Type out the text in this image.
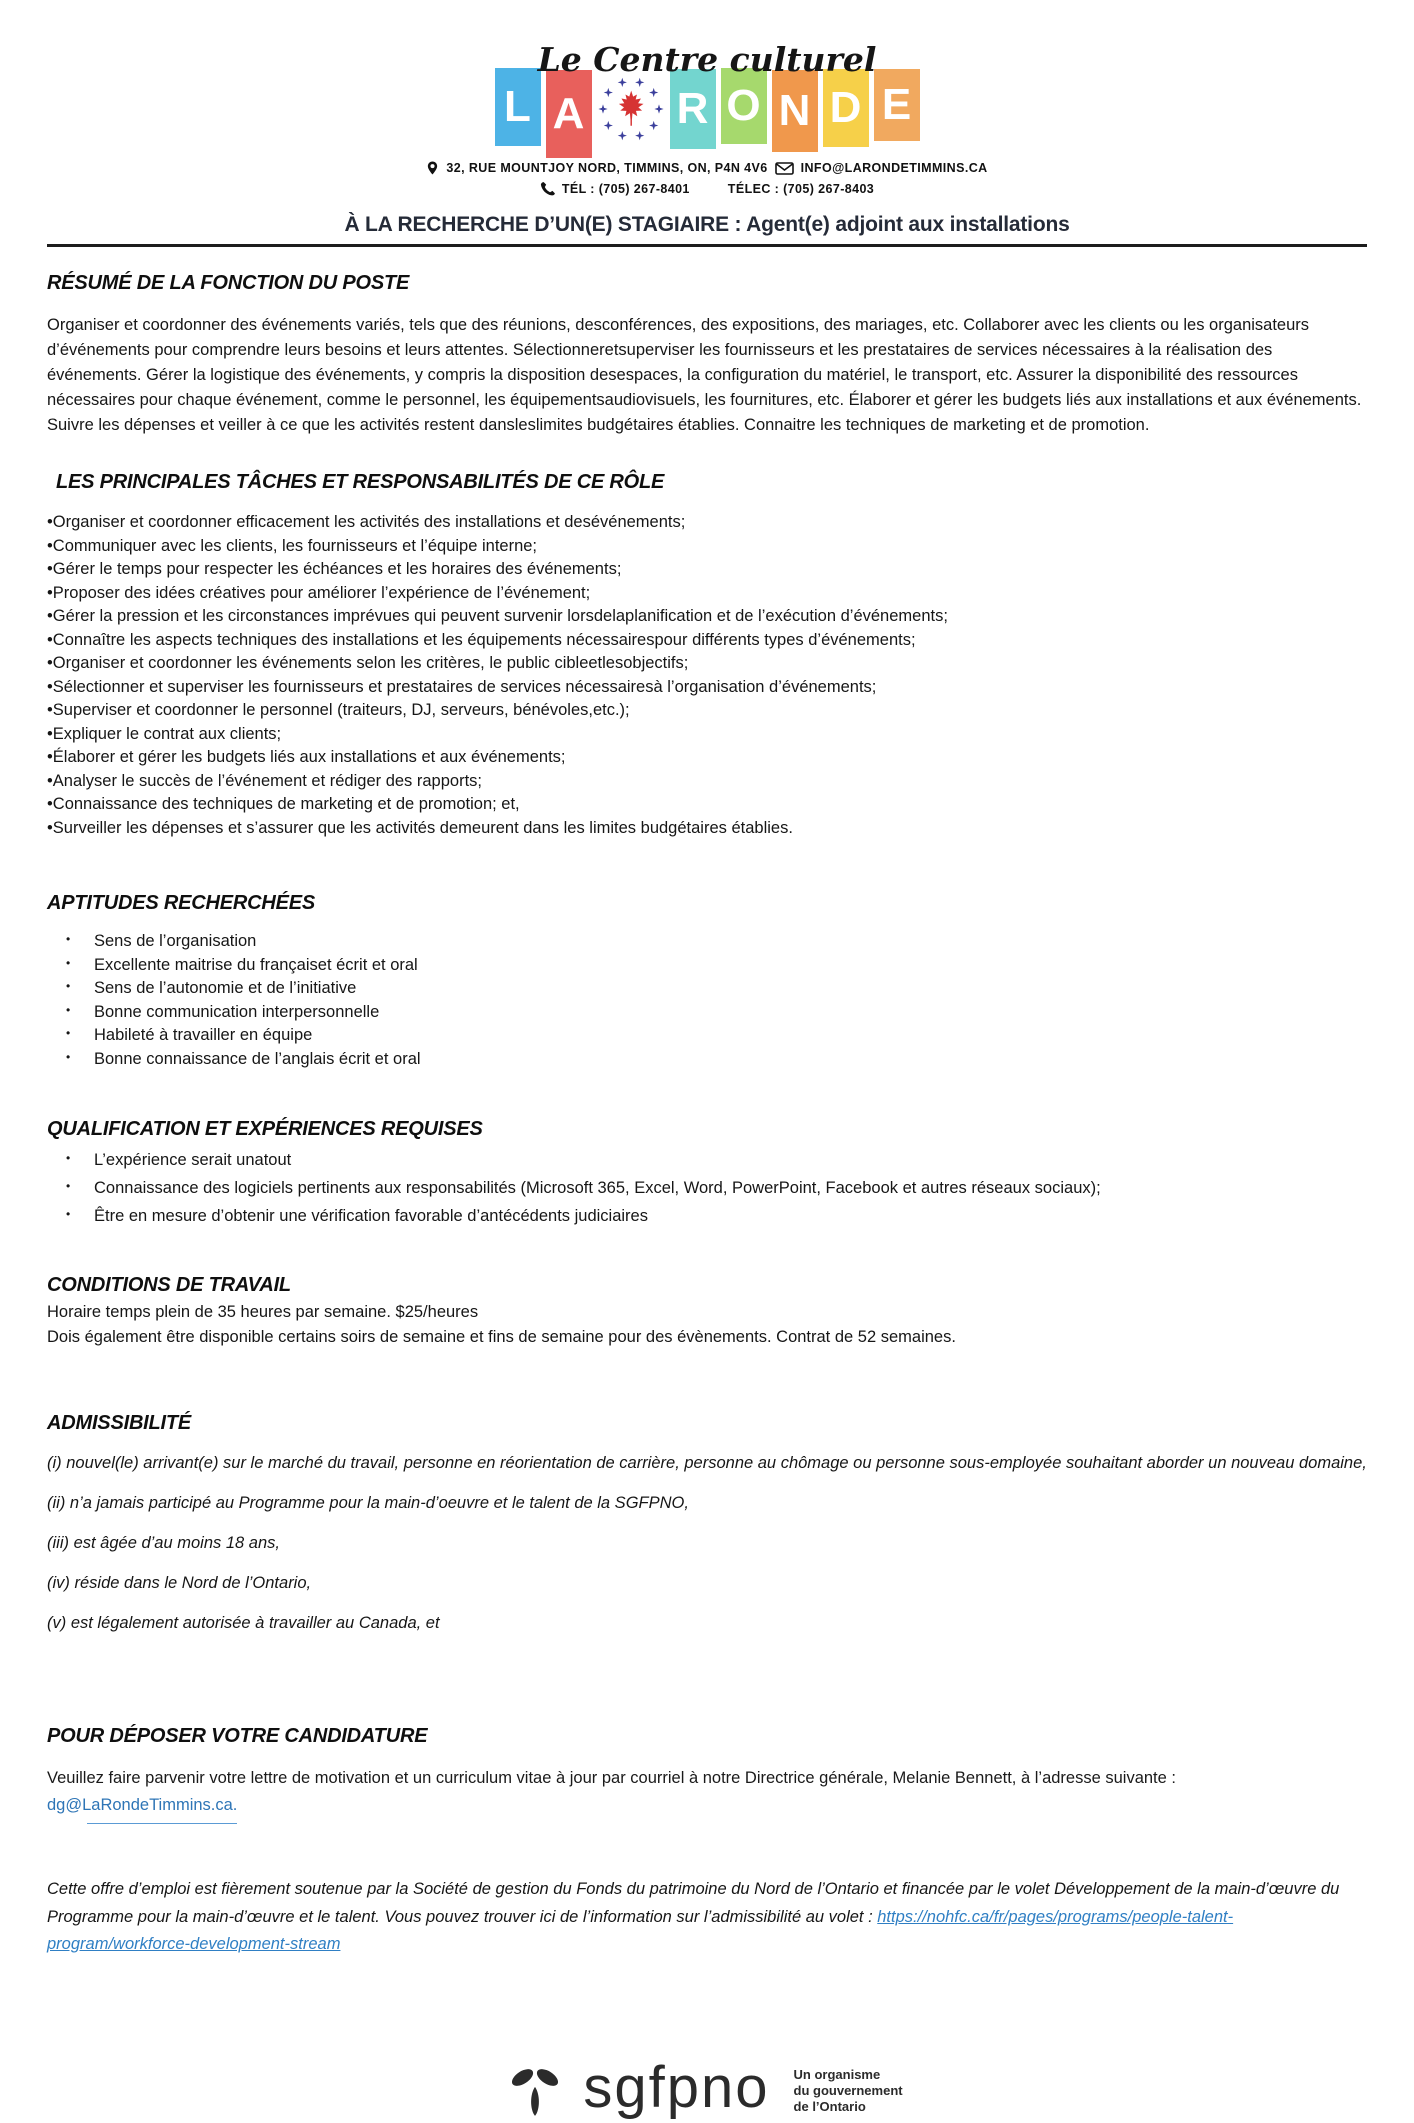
Le Centre culturel
L A R O N D E
32, RUE MOUNTJOY NORD, TIMMINS, ON, P4N 4V6	INFO@LARONDETIMMINS.CA
TÉL : (705) 267-8401	TÉLEC : (705) 267-8403
À LA RECHERCHE D’UN(E) STAGIAIRE : Agent(e) adjoint aux installations
RÉSUMÉ DE LA FONCTION DU POSTE

Organiser et coordonner des événements variés, tels que des réunions, desconférences, des expositions, des mariages, etc. Collaborer avec les clients ou les organisateurs d’événements pour comprendre leurs besoins et leurs attentes. Sélectionneretsuperviser les fournisseurs et les prestataires de services nécessaires à la réalisation des événements. Gérer la logistique des événements, y compris la disposition desespaces, la configuration du matériel, le transport, etc. Assurer la disponibilité des ressources nécessaires pour chaque événement, comme le personnel, les équipementsaudiovisuels, les fournitures, etc. Élaborer et gérer les budgets liés aux installations et aux événements. Suivre les dépenses et veiller à ce que les activités restent dansleslimites budgétaires établies. Connaitre les techniques de marketing et de promotion.

LES PRINCIPALES TÂCHES ET RESPONSABILITÉS DE CE RÔLE
•Organiser et coordonner efficacement les activités des installations et desévénements;
•Communiquer avec les clients, les fournisseurs et l’équipe interne;
•Gérer le temps pour respecter les échéances et les horaires des événements;
•Proposer des idées créatives pour améliorer l’expérience de l’événement;
•Gérer la pression et les circonstances imprévues qui peuvent survenir lorsdelaplanification et de l’exécution d’événements;
•Connaître les aspects techniques des installations et les équipements nécessairespour différents types d’événements;
•Organiser et coordonner les événements selon les critères, le public cibleetlesobjectifs;
•Sélectionner et superviser les fournisseurs et prestataires de services nécessairesà l’organisation d’événements;
•Superviser et coordonner le personnel (traiteurs, DJ, serveurs, bénévoles,etc.);
•Expliquer le contrat aux clients;
•Élaborer et gérer les budgets liés aux installations et aux événements;
•Analyser le succès de l’événement et rédiger des rapports;
•Connaissance des techniques de marketing et de promotion; et,
•Surveiller les dépenses et s’assurer que les activités demeurent dans les limites budgétaires établies.
APTITUDES RECHERCHÉES
• Sens de l’organisation
• Excellente maitrise du françaiset écrit et oral
• Sens de l’autonomie et de l’initiative
• Bonne communication interpersonnelle
• Habileté à travailler en équipe
• Bonne connaissance de l’anglais écrit et oral
QUALIFICATION ET EXPÉRIENCES REQUISES
• L’expérience serait unatout
• Connaissance des logiciels pertinents aux responsabilités (Microsoft 365, Excel, Word, PowerPoint, Facebook et autres réseaux sociaux);
• Être en mesure d’obtenir une vérification favorable d’antécédents judiciaires
CONDITIONS DE TRAVAIL

Horaire temps plein de 35 heures par semaine. $25/heures

Dois également être disponible certains soirs de semaine et fins de semaine pour des évènements. Contrat de 52 semaines.

ADMISSIBILITÉ

(i) nouvel(le) arrivant(e) sur le marché du travail, personne en réorientation de carrière, personne au chômage ou personne sous-employée souhaitant aborder un nouveau domaine,

(ii) n’a jamais participé au Programme pour la main-d’oeuvre et le talent de la SGFPNO,

(iii) est âgée d’au moins 18 ans,

(iv) réside dans le Nord de l’Ontario,

(v) est légalement autorisée à travailler au Canada, et

POUR DÉPOSER VOTRE CANDIDATURE
Veuillez faire parvenir votre lettre de motivation et un curriculum vitae à jour par courriel à notre Directrice générale, Melanie Bennett, à l’adresse suivante :
dg@LaRondeTimmins.ca.

Cette offre d’emploi est fièrement soutenue par la Société de gestion du Fonds du patrimoine du Nord de l’Ontario et financée par le volet Développement de la main-d’œuvre du Programme pour la main-d’œuvre et le talent. Vous pouvez trouver ici de l’information sur l’admissibilité au volet : https://nohfc.ca/fr/pages/programs/people-talent-program/workforce-development-stream

sgfpno Un organisme
du gouvernement
de l’Ontario
